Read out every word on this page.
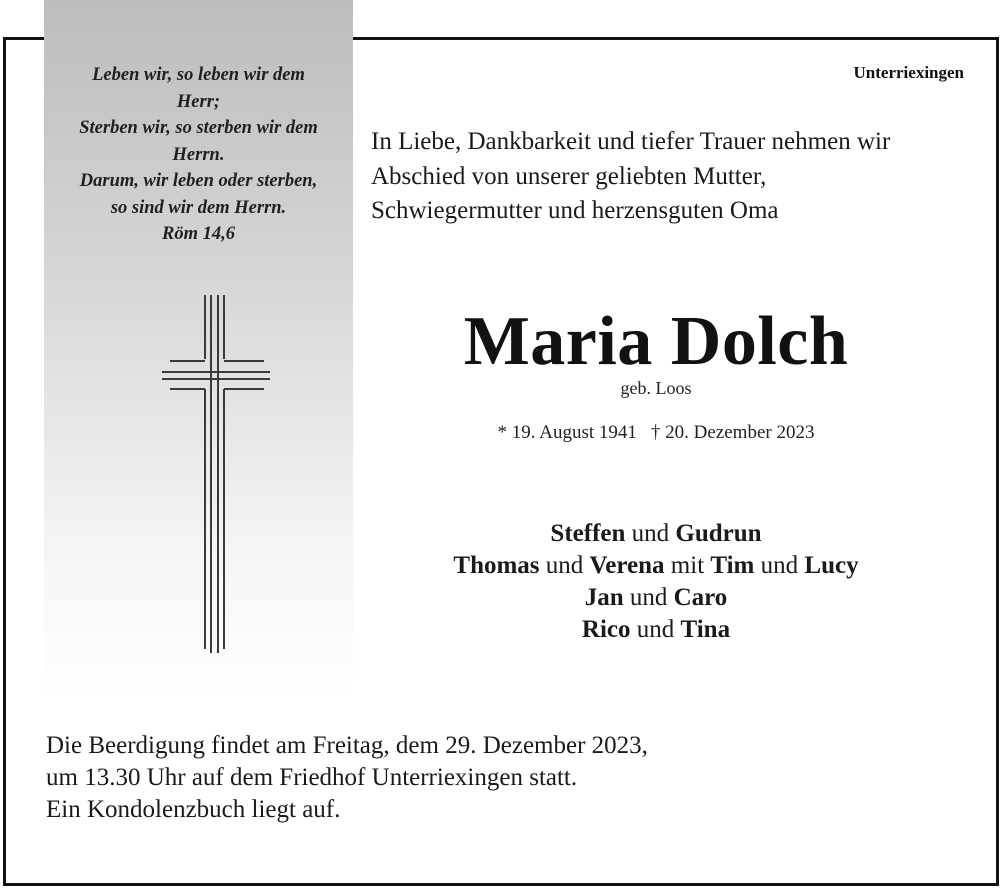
Leben wir, so leben wir dem
Herr;
Sterben wir, so sterben wir dem
Herrn.
Darum, wir leben oder sterben,
so sind wir dem Herrn.
Röm 14,6
Unterriexingen
In Liebe, Dankbarkeit und tiefer Trauer nehmen wir
Abschied von unserer geliebten Mutter,
Schwiegermutter und herzensguten Oma
Maria Dolch
geb. Loos
* 19. August 1941 † 20. Dezember 2023
Steffen und Gudrun
Thomas und Verena mit Tim und Lucy
Jan und Caro
Rico und Tina
Die Beerdigung findet am Freitag, dem 29. Dezember 2023,
um 13.30 Uhr auf dem Friedhof Unterriexingen statt.
Ein Kondolenzbuch liegt auf.
